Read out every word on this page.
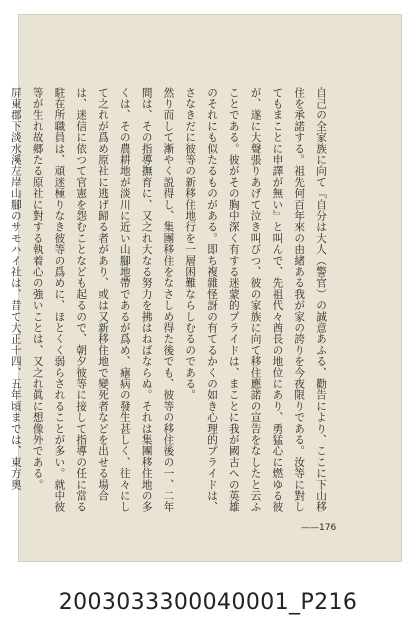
自己の全家族に向て『自分は大人（警官）の誠意あふる、勸告により、ここに下山移住を承諾する。祖先何百年來の由緒ある我が家の誇りを今夜限りである。汝等に對してもまことに申譯が無い』と叫んで、先祖代々酋長の地位にあり、勇猛心に燃ゆる彼が、遂に大聲張りあげて泣き叫びつ、彼の家族に向て移住應諾の宣告をなしたと云ふことである。彼がその胸中深く有する迷蒙的プライドは、まことに我が國古への英雄のそれにも似たるものがある。即ち複雜怪訝の有てるかくの如き心理的プライドは、さなきだに彼等の新移住地行を一層困難ならしむるのである。

然り而して漸やく説得し、集團移住をなさしめ得た後でも、彼等の移住後の一、二年間は、その指導撫育に、又之れ大なる努力を拂はねばならぬ。それは集團移住地の多くは、その農耕地が淡川に近い山腳地帶であるが爲め、瘧病の發生甚しく、往々にして之れが爲め原社に逃げ歸る者があり、或は又新移住地で變死者などを出せる場合は、迷信に依つて官憲を怨むことなども起るので、朝夕彼等に接して指導の任に當る駐在所職員は、頑迷極りなき彼等の爲めに、ほとくく弱らされることが多い。就中彼等が生れ故郷たる原社に對する執着心の強いことは、又之れ眞に想像外である。

屏東郡下淡水溪左岸山腳のサモハイ社は、昔て大正十四、五年頃までは、東方奧

——176
2003033300040001_P216
